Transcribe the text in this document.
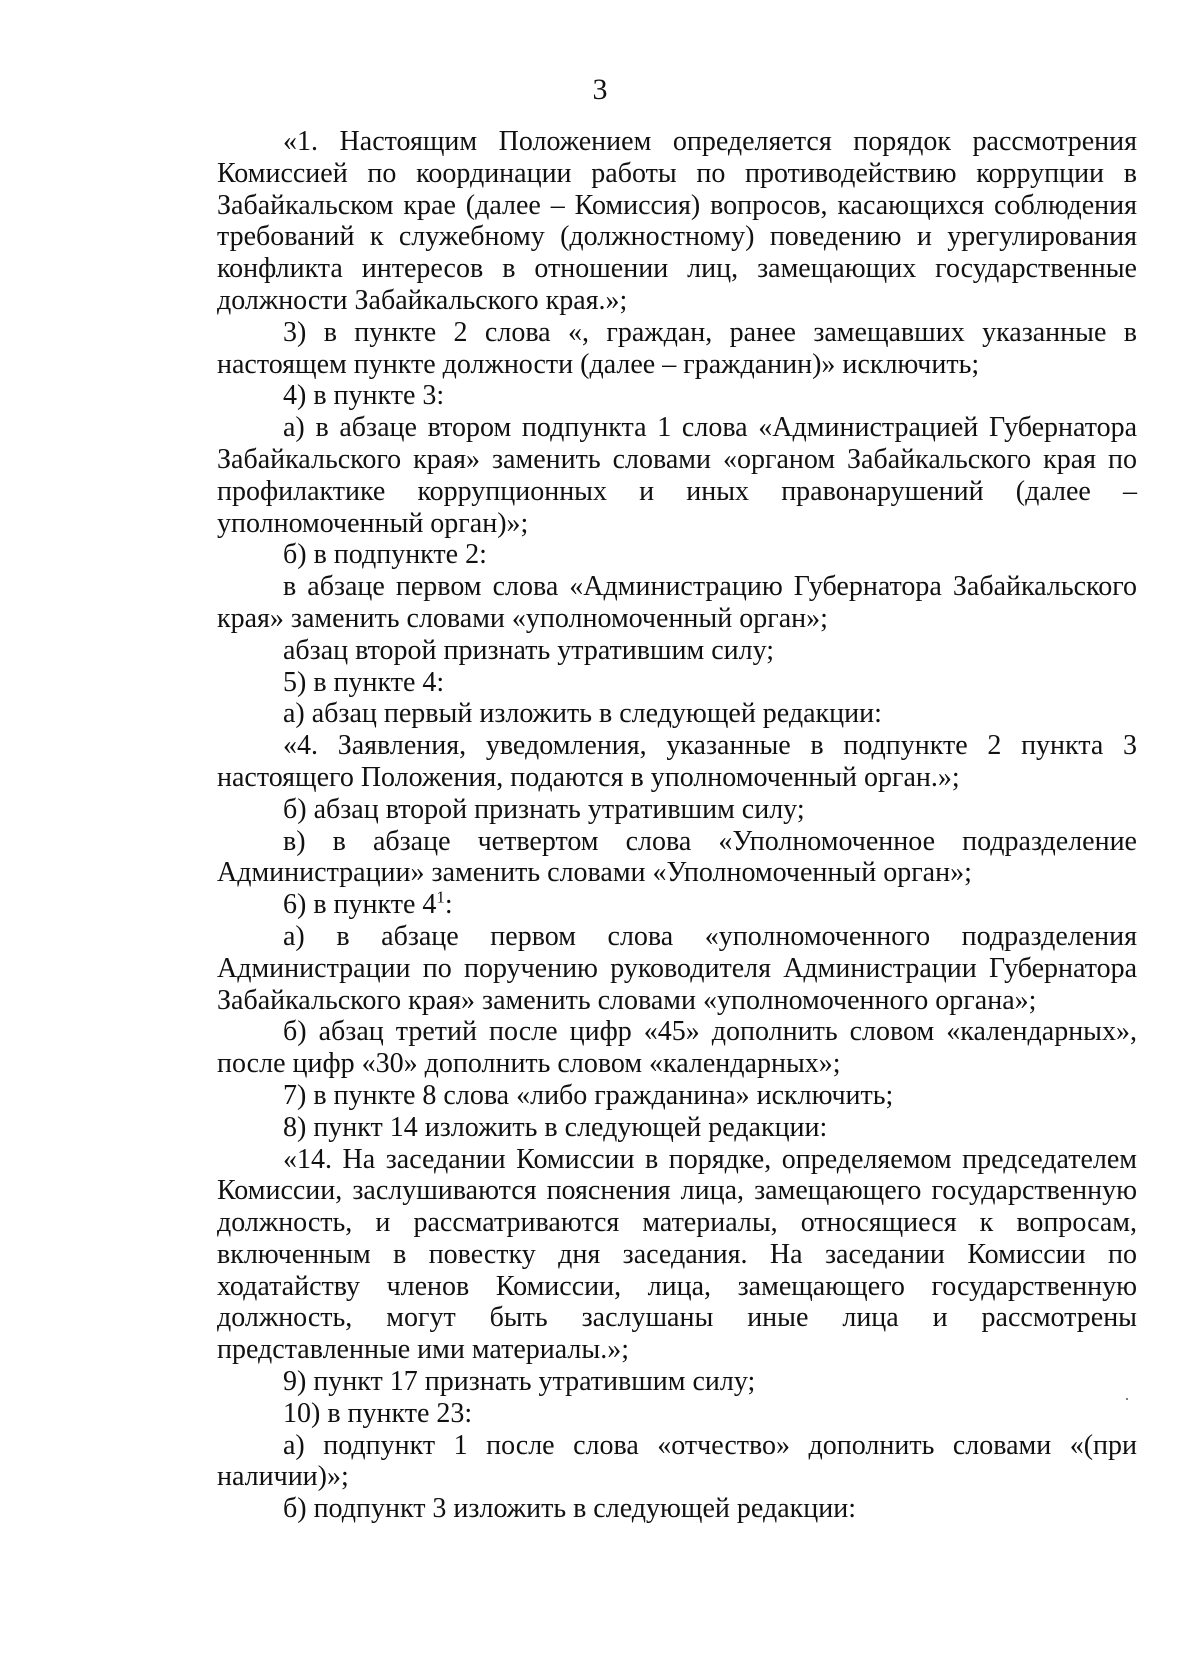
3

«1. Настоящим Положением определяется порядок рассмотрения Комиссией по координации работы по противодействию коррупции в Забайкальском крае (далее – Комиссия) вопросов, касающихся соблюдения требований к служебному (должностному) поведению и урегулирования конфликта интересов в отношении лиц, замещающих государственные должности Забайкальского края.»;

3) в пункте 2 слова «, граждан, ранее замещавших указанные в настоящем пункте должности (далее – гражданин)» исключить;

4) в пункте 3:

а) в абзаце втором подпункта 1 слова «Администрацией Губернатора Забайкальского края» заменить словами «органом Забайкальского края по профилактике коррупционных и иных правонарушений (далее – уполномоченный орган)»;

б) в подпункте 2:

в абзаце первом слова «Администрацию Губернатора Забайкальского края» заменить словами «уполномоченный орган»;

абзац второй признать утратившим силу;

5) в пункте 4:

а) абзац первый изложить в следующей редакции:

«4. Заявления, уведомления, указанные в подпункте 2 пункта 3 настоящего Положения, подаются в уполномоченный орган.»;

б) абзац второй признать утратившим силу;

в) в абзаце четвертом слова «Уполномоченное подразделение Администрации» заменить словами «Уполномоченный орган»;

6) в пункте $4^1$:

а) в абзаце первом слова «уполномоченного подразделения Администрации по поручению руководителя Администрации Губернатора Забайкальского края» заменить словами «уполномоченного органа»;

б) абзац третий после цифр «45» дополнить словом «календарных», после цифр «30» дополнить словом «календарных»;

7) в пункте 8 слова «либо гражданина» исключить;

8) пункт 14 изложить в следующей редакции:

«14. На заседании Комиссии в порядке, определяемом председателем Комиссии, заслушиваются пояснения лица, замещающего государственную должность, и рассматриваются материалы, относящиеся к вопросам, включенным в повестку дня заседания. На заседании Комиссии по ходатайству членов Комиссии, лица, замещающего государственную должность, могут быть заслушаны иные лица и рассмотрены представленные ими материалы.»;

9) пункт 17 признать утратившим силу;

10) в пункте 23:

а) подпункт 1 после слова «отчество» дополнить словами «(при наличии)»;

б) подпункт 3 изложить в следующей редакции:
